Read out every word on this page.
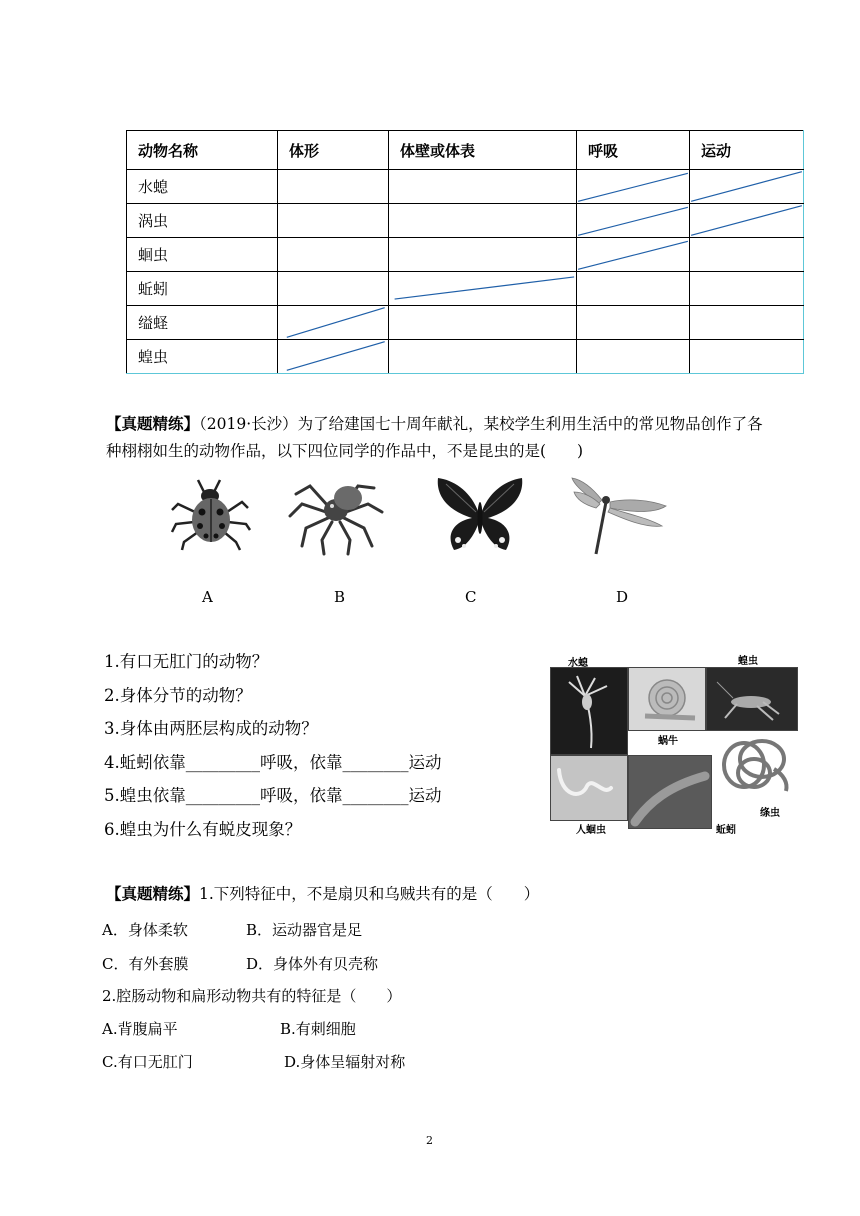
动物名称	体形	体壁或体表	呼吸	运动
水螅			

涡虫			

蛔虫			

蚯蚓		

缢蛏	

蝗虫	

【真题精练】（2019·长沙）为了给建国七十周年献礼，某校学生利用生活中的常见物品创作了各种栩栩如生的动物作品，以下四位同学的作品中，不是昆虫的是(　　)
A	B	C	D
1.有口无肛门的动物？
2.身体分节的动物？
3.身体由两胚层构成的动物？
4.蚯蚓依靠_________呼吸，依靠________运动
5.蝗虫依靠_________呼吸，依靠________运动
6.蝗虫为什么有蜕皮现象？
水螅
蜗牛
蝗虫
人蛔虫	蚯蚓
绦虫
【真题精练】1.下列特征中，不是扇贝和乌贼共有的是（　　）
A．身体柔软	B．运动器官是足
C．有外套膜	D．身体外有贝壳称
2.腔肠动物和扁形动物共有的特征是（　　）
A.背腹扁平	B.有刺细胞
C.有口无肛门	D.身体呈辐射对称
2
